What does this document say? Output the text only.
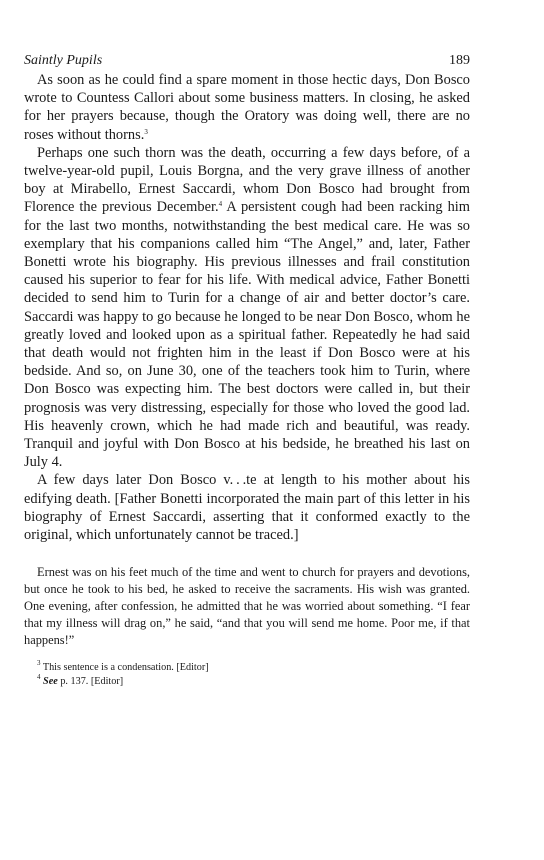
Saintly Pupils	189

As soon as he could find a spare moment in those hectic days, Don Bosco wrote to Countess Callori about some business matters. In closing, he asked for her prayers because, though the Oratory was doing well, there are no roses without thorns.$^3$

Perhaps one such thorn was the death, occurring a few days before, of a twelve-year-old pupil, Louis Borgna, and the very grave illness of another boy at Mirabello, Ernest Saccardi, whom Don Bosco had brought from Florence the previous December.$^4$ A persistent cough had been racking him for the last two months, notwithstanding the best medical care. He was so exemplary that his companions called him “The Angel,” and, later, Father Bonetti wrote his biography. His previous illnesses and frail constitution caused his superior to fear for his life. With medical advice, Father Bonetti decided to send him to Turin for a change of air and better doctor’s care. Saccardi was happy to go because he longed to be near Don Bosco, whom he greatly loved and looked upon as a spiritual father. Repeatedly he had said that death would not frighten him in the least if Don Bosco were at his bedside. And so, on June 30, one of the teachers took him to Turin, where Don Bosco was expecting him. The best doctors were called in, but their prognosis was very distressing, especially for those who loved the good lad. His heavenly crown, which he had made rich and beautiful, was ready. Tranquil and joyful with Don Bosco at his bedside, he breathed his last on July 4.

A few days later Don Bosco v. . .te at length to his mother about his edifying death. [Father Bonetti incorporated the main part of this letter in his biography of Ernest Saccardi, asserting that it conformed exactly to the original, which unfortunately cannot be traced.]

Ernest was on his feet much of the time and went to church for prayers and devotions, but once he took to his bed, he asked to receive the sacraments. His wish was granted. One evening, after confession, he admitted that he was worried about something. “I fear that my illness will drag on,” he said, “and that you will send me home. Poor me, if that happens!”

$^3$ This sentence is a condensation. [Editor]
$^4$ See p. 137. [Editor]
